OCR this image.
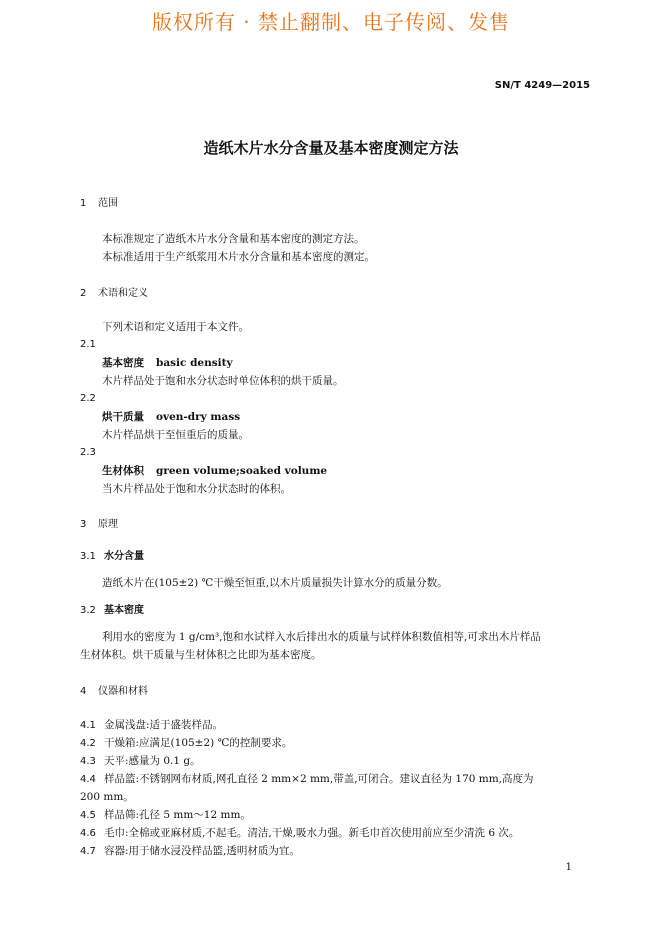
版权所有 · 禁止翻制、电子传阅、发售
SN/T 4249—2015
造纸木片水分含量及基本密度测定方法
1 范围
本标准规定了造纸木片水分含量和基本密度的测定方法。
本标准适用于生产纸浆用木片水分含量和基本密度的测定。
2 术语和定义
下列术语和定义适用于本文件。
2.1
基本密度 basic density
木片样品处于饱和水分状态时单位体积的烘干质量。
2.2
烘干质量 oven-dry mass
木片样品烘干至恒重后的质量。
2.3
生材体积 green volume;soaked volume
当木片样品处于饱和水分状态时的体积。
3 原理
3.1 水分含量
造纸木片在(105±2) ℃干燥至恒重,以木片质量损失计算水分的质量分数。
3.2 基本密度
利用水的密度为 1 g/cm³,饱和水试样入水后排出水的质量与试样体积数值相等,可求出木片样品
生材体积。烘干质量与生材体积之比即为基本密度。
4 仪器和材料
4.1 金属浅盘:适于盛装样品。
4.2 干燥箱:应满足(105±2) ℃的控制要求。
4.3 天平:感量为 0.1 g。
4.4 样品篮:不锈钢网布材质,网孔直径 2 mm×2 mm,带盖,可闭合。建议直径为 170 mm,高度为
200 mm。
4.5 样品筛:孔径 5 mm～12 mm。
4.6 毛巾:全棉或亚麻材质,不起毛。清洁,干燥,吸水力强。新毛巾首次使用前应至少清洗 6 次。
4.7 容器:用于储水浸没样品篮,透明材质为宜。
1
